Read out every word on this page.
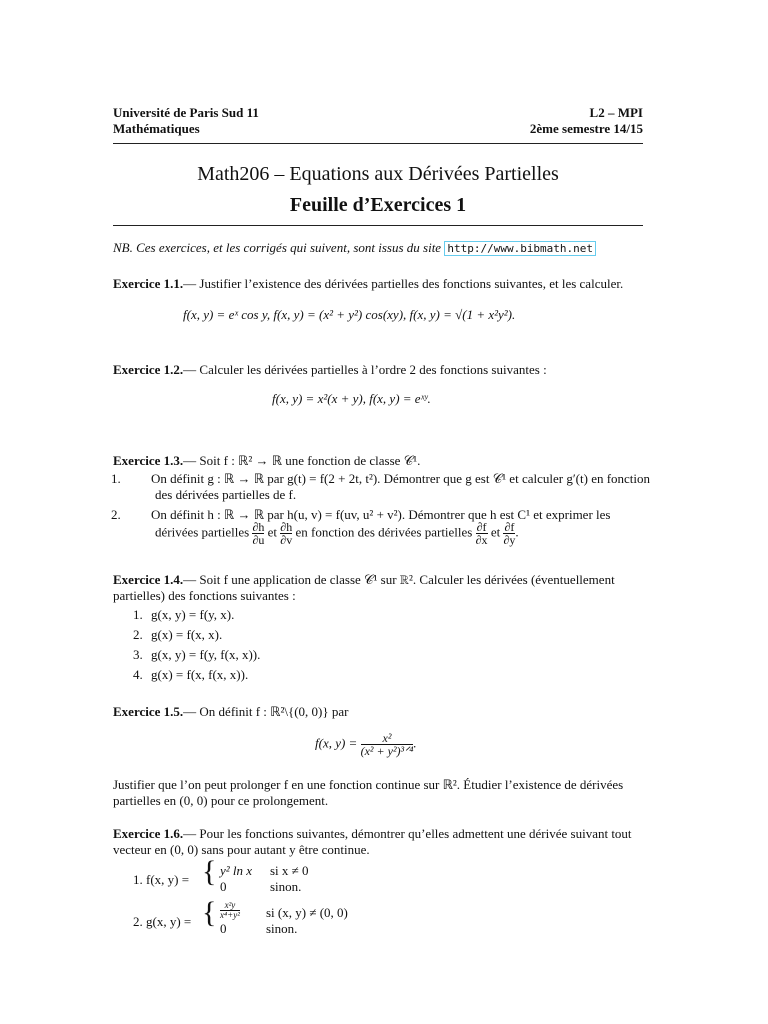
Université de Paris Sud 11
Mathématiques
L2 – MPI
2ème semestre 14/15
Math206 – Equations aux Dérivées Partielles
Feuille d’Exercices 1
NB. Ces exercices, et les corrigés qui suivent, sont issus du site http://www.bibmath.net
Exercice 1.1.— Justifier l’existence des dérivées partielles des fonctions suivantes, et les calculer.
f(x, y) = eˣ cos y, f(x, y) = (x² + y²) cos(xy), f(x, y) = √(1 + x²y²).
Exercice 1.2.— Calculer les dérivées partielles à l’ordre 2 des fonctions suivantes :
f(x, y) = x²(x + y), f(x, y) = eˣʸ.
Exercice 1.3.— Soit f : ℝ² → ℝ une fonction de classe 𝒞¹.
1. On définit g : ℝ → ℝ par g(t) = f(2 + 2t, t²). Démontrer que g est 𝒞¹ et calculer g′(t) en fonction des dérivées partielles de f.
2. On définit h : ℝ → ℝ par h(u, v) = f(uv, u² + v²). Démontrer que h est C¹ et exprimer les
dérivées partielles $\frac{\partial h}{\partial u}$ et $\frac{\partial h}{\partial v}$ en fonction des dérivées partielles $\frac{\partial f}{\partial x}$ et $\frac{\partial f}{\partial y}$ .
Exercice 1.4.— Soit f une application de classe 𝒞¹ sur ℝ². Calculer les dérivées (éventuellement partielles) des fonctions suivantes :
1. g(x, y) = f(y, x).
2. g(x) = f(x, x).
3. g(x, y) = f(y, f(x, x)).
4. g(x) = f(x, f(x, x)).
Exercice 1.5.— On définit f : ℝ²\{(0, 0)} par
f(x, $y) = \frac{\text{x²}}{\text{(x² + y²)³ᐟ⁴}}$ .
Justifier que l’on peut prolonger f en une fonction continue sur ℝ². Étudier l’existence de dérivées partielles en (0, 0) pour ce prolongement.
Exercice 1.6.— Pour les fonctions suivantes, démontrer qu’elles admettent une dérivée suivant tout vecteur en (0, 0) sans pour autant y être continue.
1. f(x, y) = { y² ln x si x ≠ 0
0	sinon.
2. g(x, y) = { $\frac{\text{x²y}}{\text{x⁴+y²}}$ si (x, y) ≠ (0, 0)
0	sinon.
